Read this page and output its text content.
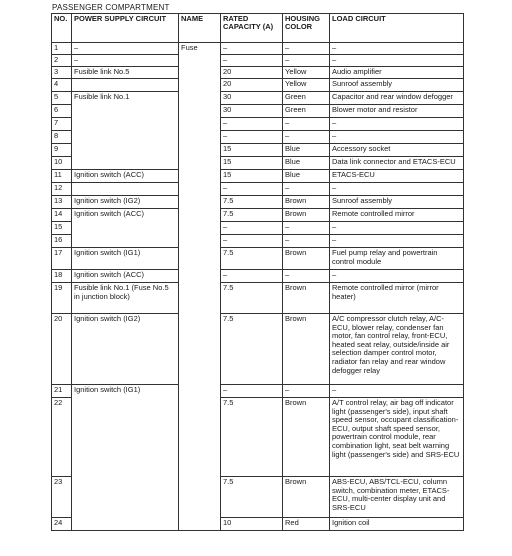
PASSENGER COMPARTMENT
NO.	POWER SUPPLY CIRCUIT	NAME	RATED CAPACITY (A)	HOUSING COLOR	LOAD CIRCUIT
1	–	Fuse	–	–	–
2	–		–	–	–
3	Fusible link No.5		20	Yellow	Audio amplifier
4			20	Yellow	Sunroof assembly
5	Fusible link No.1		30	Green	Capacitor and rear window defogger
6			30	Green	Blower motor and resistor
7			–	–	–
8			–	–	–
9			15	Blue	Accessory socket
10			15	Blue	Data link connector and ETACS-ECU
11	Ignition switch (ACC)		15	Blue	ETACS-ECU
12			–	–	–
13	Ignition switch (IG2)		7.5	Brown	Sunroof assembly
14	Ignition switch (ACC)		7.5	Brown	Remote controlled mirror
15			–	–	–
16			–	–	–
17	Ignition switch (IG1)		7.5	Brown	Fuel pump relay and powertrain control module
18	Ignition switch (ACC)		–	–	–
19	Fusible link No.1 (Fuse No.5 in junction block)		7.5	Brown	Remote controlled mirror (mirror heater)
20	Ignition switch (IG2)		7.5	Brown	A/C compressor clutch relay, A/C-ECU, blower relay, condenser fan motor, fan control relay, front-ECU, heated seat relay, outside/inside air selection damper control motor, radiator fan relay and rear window defogger relay
21	Ignition switch (IG1)		–	–	–
22			7.5	Brown	A/T control relay, air bag off indicator light (passenger's side), input shaft speed sensor, occupant classification-ECU, output shaft speed sensor, powertrain control module, rear combination light, seat belt warning light (passenger's side) and SRS-ECU
23			7.5	Brown	ABS-ECU, ABS/TCL-ECU, column switch, combination meter, ETACS-ECU, multi-center display unit and SRS-ECU
24			10	Red	Ignition coil
